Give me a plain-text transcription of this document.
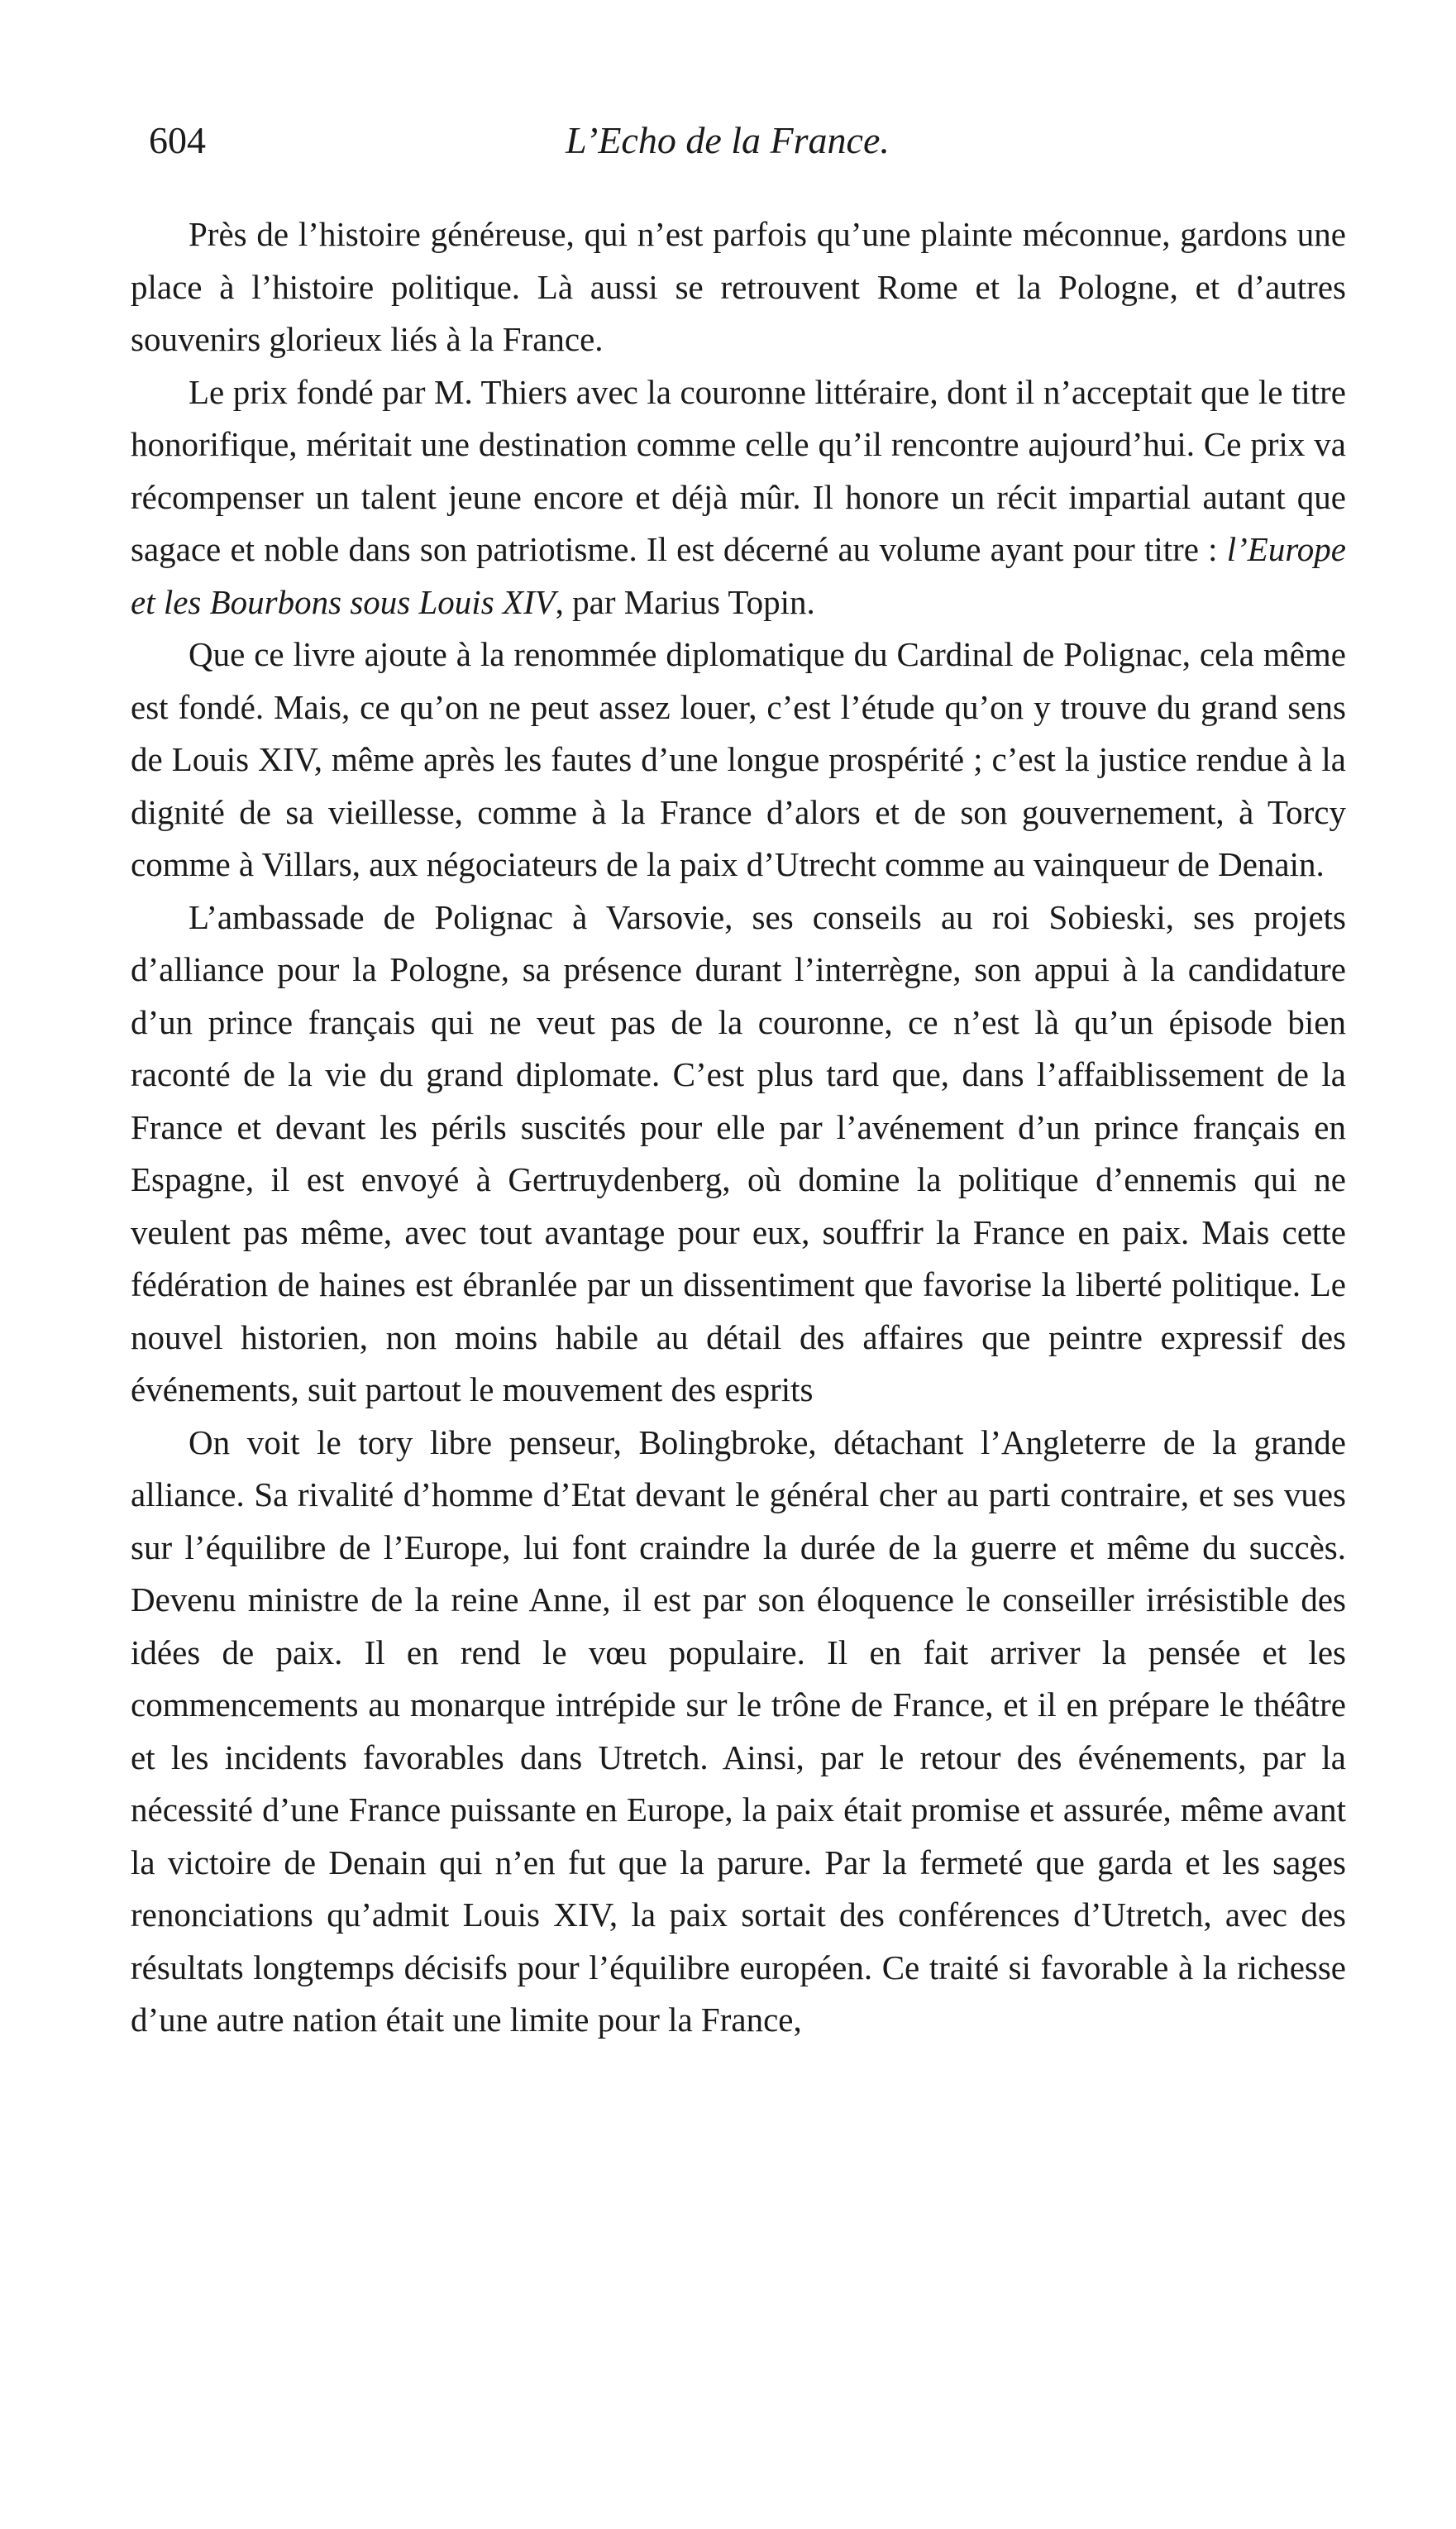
604	L’Echo de la France.

Près de l’histoire généreuse, qui n’est parfois qu’une plainte méconnue, gardons une place à l’histoire politique. Là aussi se retrouvent Rome et la Pologne, et d’autres souvenirs glorieux liés à la France.

Le prix fondé par M. Thiers avec la couronne littéraire, dont il n’acceptait que le titre honorifique, méritait une destination comme celle qu’il rencontre aujourd’hui. Ce prix va récompenser un talent jeune encore et déjà mûr. Il honore un récit impartial autant que sagace et noble dans son patriotisme. Il est décerné au volume ayant pour titre : l’Europe et les Bourbons sous Louis XIV, par Marius Topin.

Que ce livre ajoute à la renommée diplomatique du Cardinal de Polignac, cela même est fondé. Mais, ce qu’on ne peut assez louer, c’est l’étude qu’on y trouve du grand sens de Louis XIV, même après les fautes d’une longue prospérité ; c’est la justice rendue à la dignité de sa vieillesse, comme à la France d’alors et de son gouvernement, à Torcy comme à Villars, aux négociateurs de la paix d’Utrecht comme au vainqueur de Denain.

L’ambassade de Polignac à Varsovie, ses conseils au roi Sobieski, ses projets d’alliance pour la Pologne, sa présence durant l’interrègne, son appui à la candidature d’un prince français qui ne veut pas de la couronne, ce n’est là qu’un épisode bien raconté de la vie du grand diplomate. C’est plus tard que, dans l’affaiblissement de la France et devant les périls suscités pour elle par l’avénement d’un prince français en Espagne, il est envoyé à Gertruydenberg, où domine la politique d’ennemis qui ne veulent pas même, avec tout avantage pour eux, souffrir la France en paix. Mais cette fédération de haines est ébranlée par un dissentiment que favorise la liberté politique. Le nouvel historien, non moins habile au détail des affaires que peintre expressif des événements, suit partout le mouvement des esprits

On voit le tory libre penseur, Bolingbroke, détachant l’Angleterre de la grande alliance. Sa rivalité d’homme d’Etat devant le général cher au parti contraire, et ses vues sur l’équilibre de l’Europe, lui font craindre la durée de la guerre et même du succès. Devenu ministre de la reine Anne, il est par son éloquence le conseiller irrésistible des idées de paix. Il en rend le vœu populaire. Il en fait arriver la pensée et les commencements au monarque intrépide sur le trône de France, et il en prépare le théâtre et les incidents favorables dans Utretch. Ainsi, par le retour des événements, par la nécessité d’une France puissante en Europe, la paix était promise et assurée, même avant la victoire de Denain qui n’en fut que la parure. Par la fermeté que garda et les sages renonciations qu’admit Louis XIV, la paix sortait des conférences d’Utretch, avec des résultats longtemps décisifs pour l’équilibre européen. Ce traité si favorable à la richesse d’une autre nation était une limite pour la France,
